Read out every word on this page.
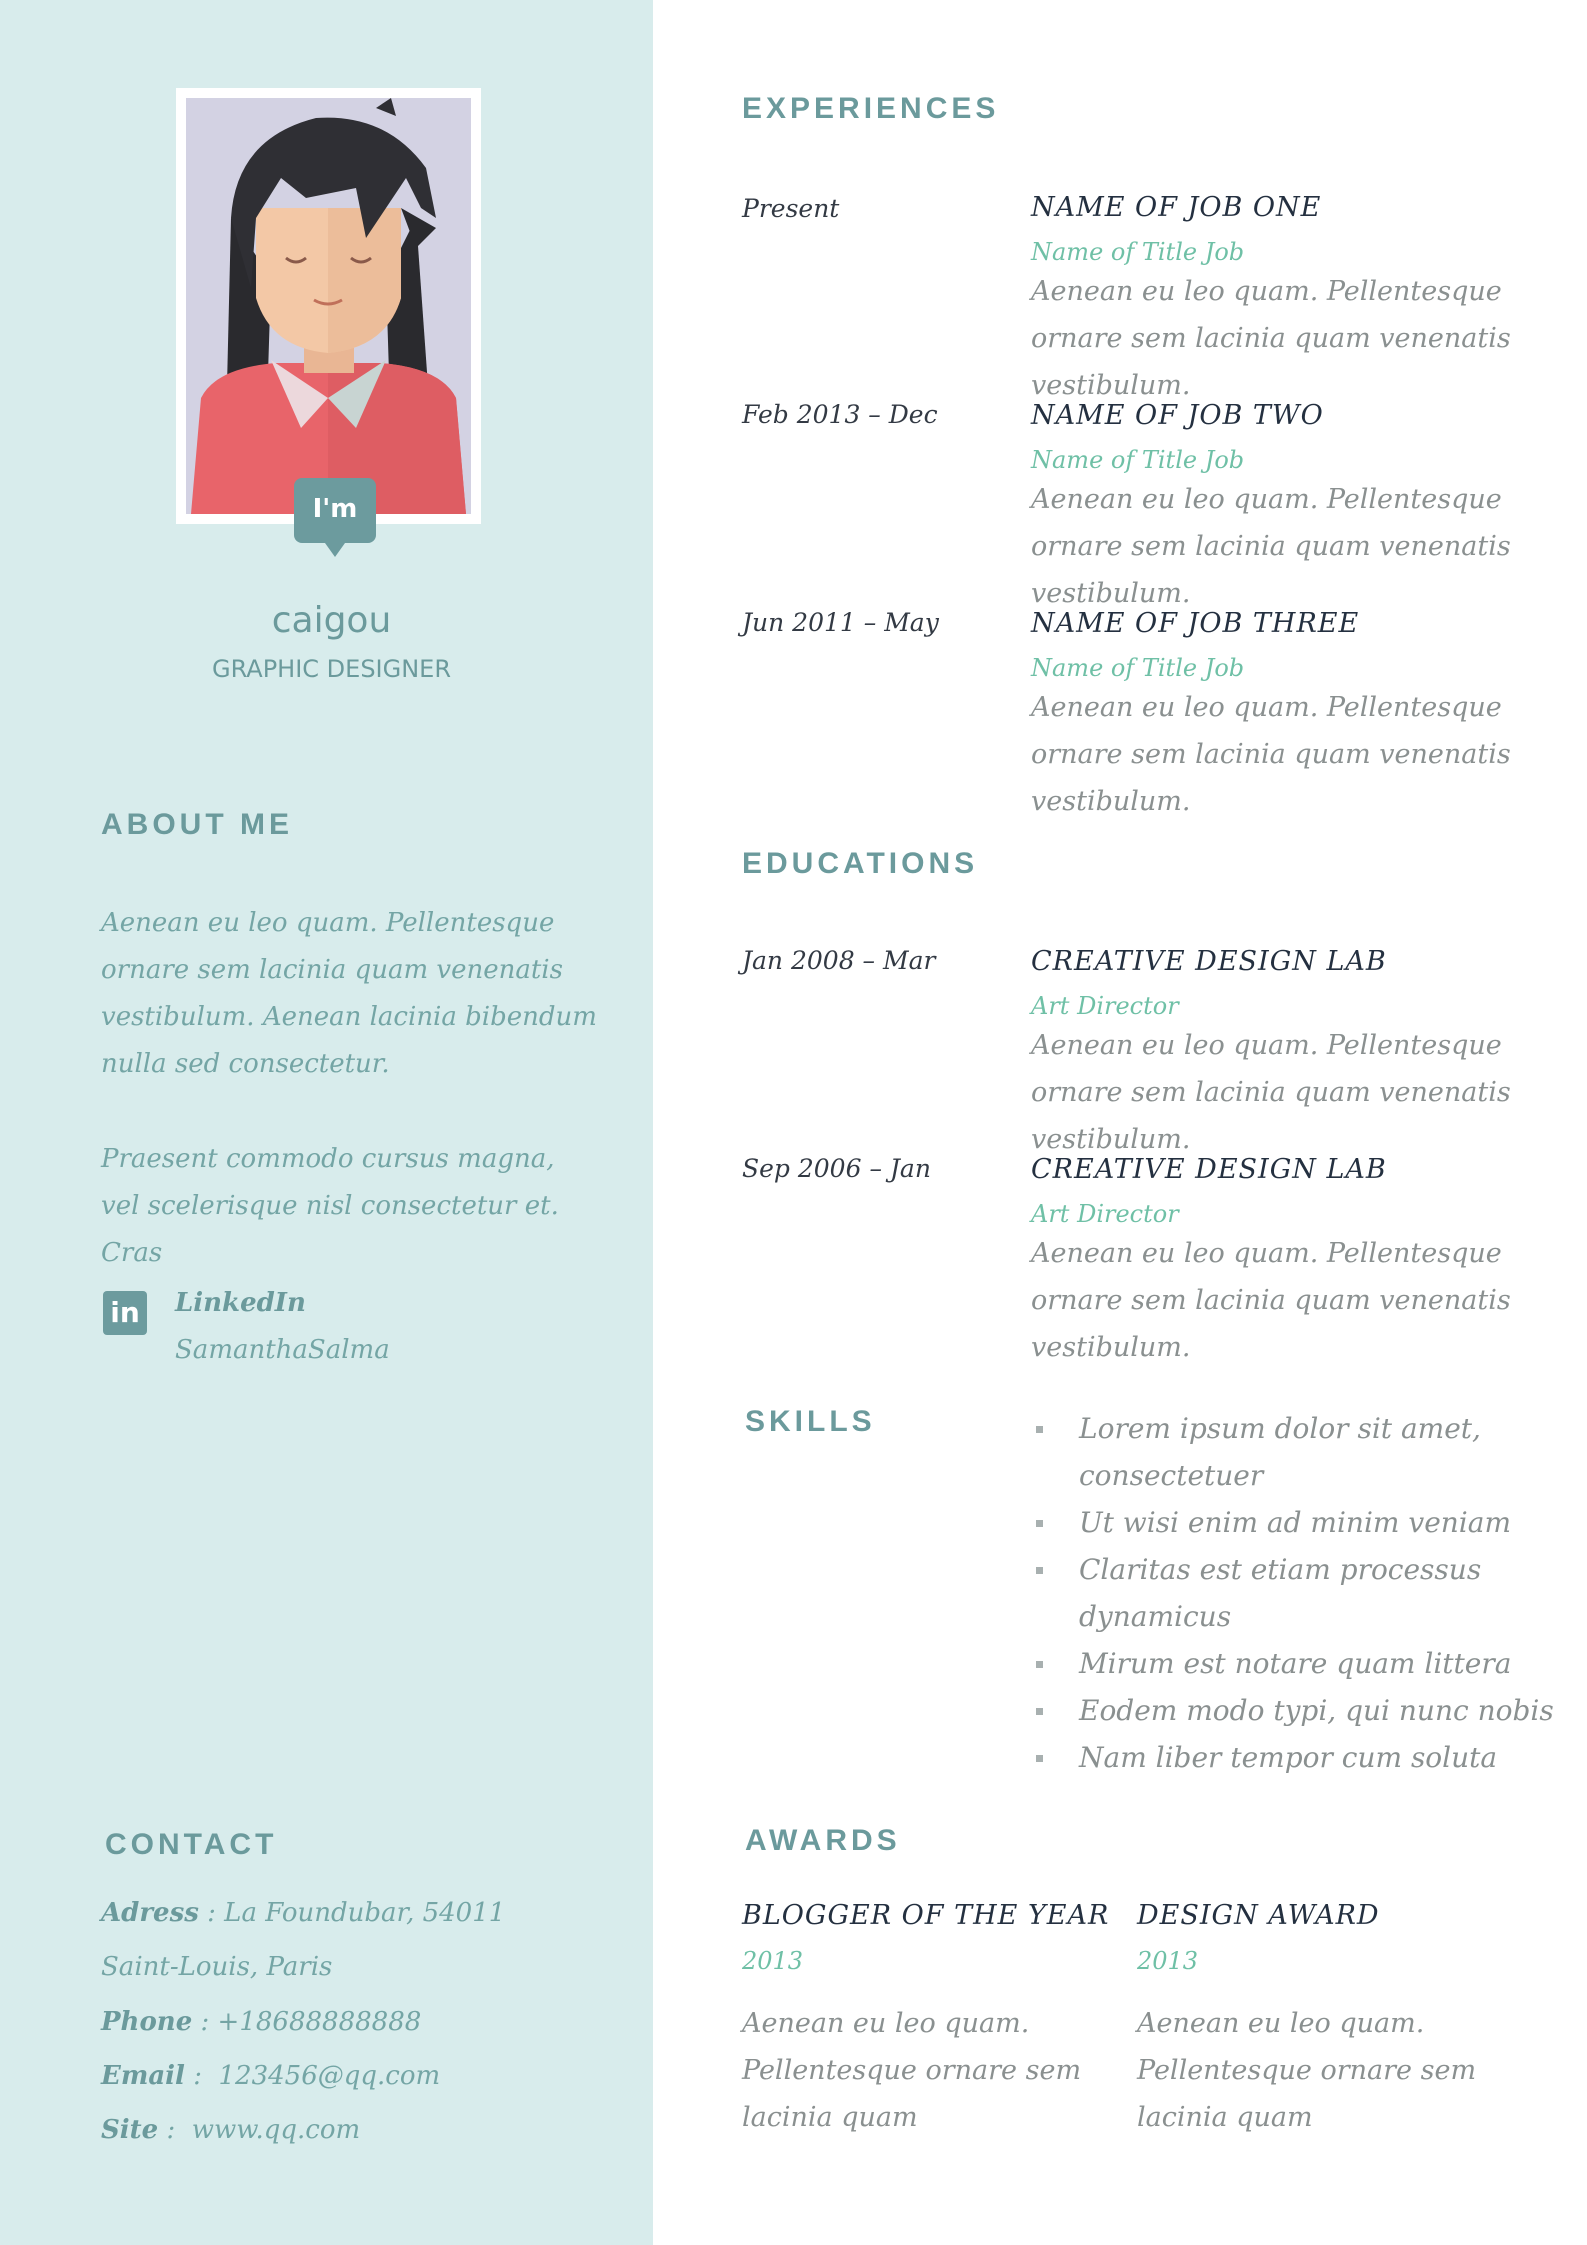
I'm
caigou
GRAPHIC DESIGNER
ABOUT ME
Aenean eu leo quam. Pellentesque ornare sem lacinia quam venenatis vestibulum. Aenean lacinia bibendum nulla sed consectetur.
Praesent commodo cursus magna, vel scelerisque nisl consectetur et. Cras
in LinkedIn
SamanthaSalma
CONTACT
Adress : La Foundubar, 54011
Saint-Louis, Paris
Phone : +18688888888
Email :  123456@qq.com
Site :  www.qq.com
EXPERIENCES
Present	NAME OF JOB ONE
Name of Title Job
Aenean eu leo quam. Pellentesque ornare sem lacinia quam venenatis vestibulum.
Feb 2013 – Dec	NAME OF JOB TWO
Name of Title Job
Aenean eu leo quam. Pellentesque ornare sem lacinia quam venenatis vestibulum.
Jun 2011 – May	NAME OF JOB THREE
Name of Title Job
Aenean eu leo quam. Pellentesque ornare sem lacinia quam venenatis vestibulum.
EDUCATIONS
Jan 2008 – Mar	CREATIVE DESIGN LAB
Art Director
Aenean eu leo quam. Pellentesque ornare sem lacinia quam venenatis vestibulum.
Sep 2006 – Jan	CREATIVE DESIGN LAB
Art Director
Aenean eu leo quam. Pellentesque ornare sem lacinia quam venenatis vestibulum.
SKILLS	Lorem ipsum dolor sit amet, consectetuer
Ut wisi enim ad minim veniam
Claritas est etiam processus dynamicus
Mirum est notare quam littera
Eodem modo typi, qui nunc nobis
Nam liber tempor cum soluta
AWARDS
BLOGGER OF THE YEAR
2013
Aenean eu leo quam. Pellentesque ornare sem lacinia quam
DESIGN AWARD
2013
Aenean eu leo quam. Pellentesque ornare sem lacinia quam
